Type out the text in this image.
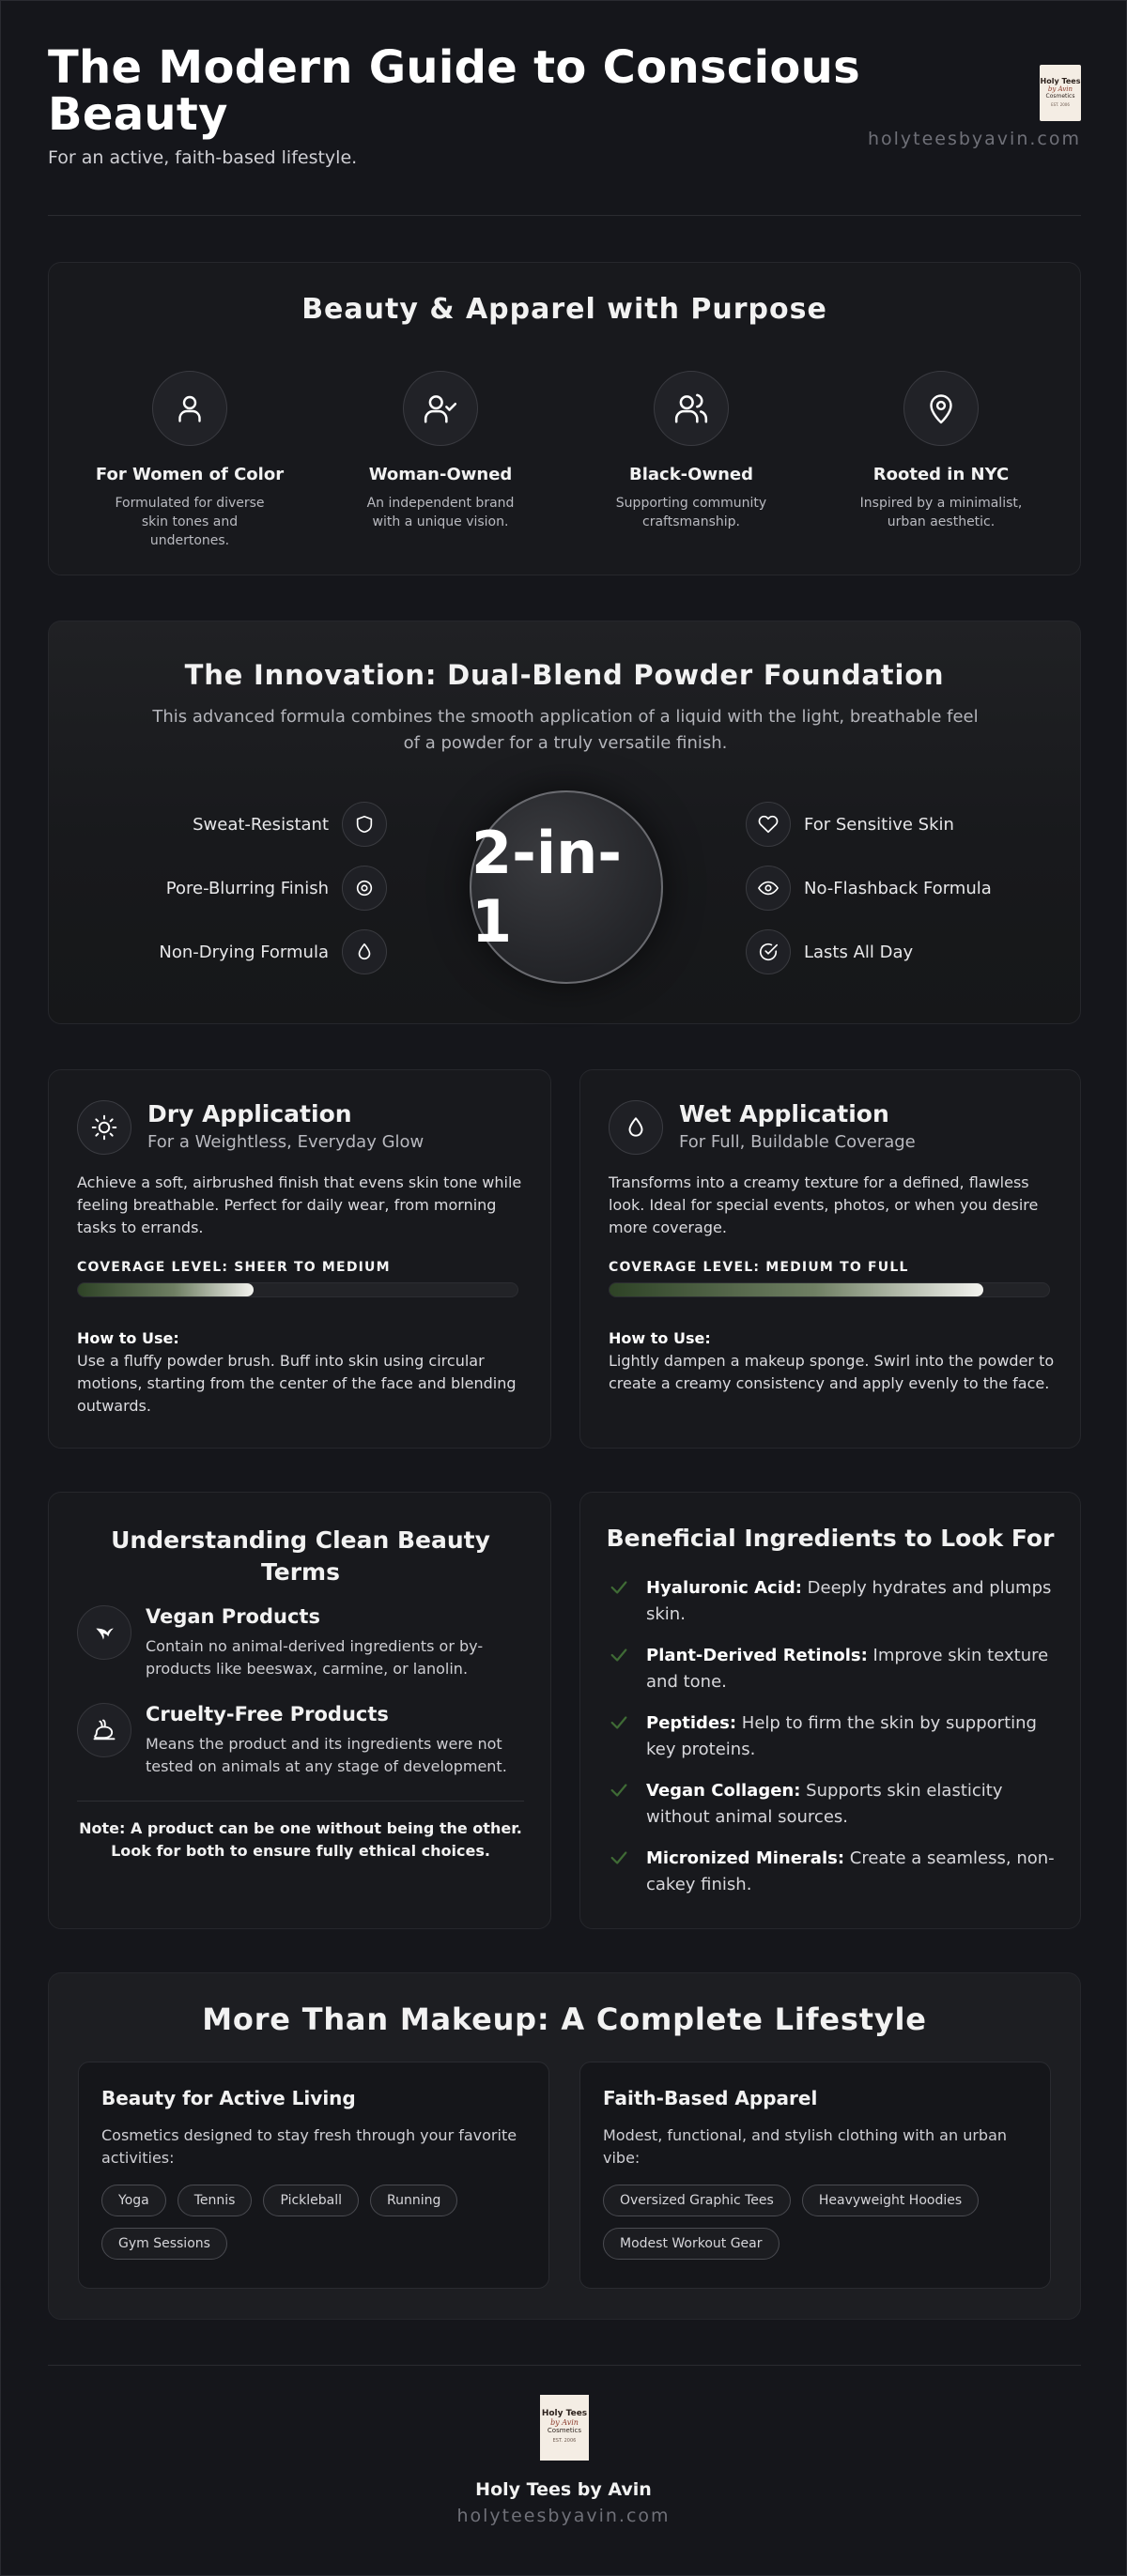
The Modern Guide to Conscious Beauty
For an active, faith-based lifestyle.
Holy Tees
by Avin
Cosmetics
EST. 2006
holyteesbyavin.com
Beauty & Apparel with Purpose
For Women of Color
Formulated for diverse skin tones and undertones.
Woman-Owned
An independent brand with a unique vision.
Black-Owned
Supporting community craftsmanship.
Rooted in NYC
Inspired by a minimalist, urban aesthetic.
The Innovation: Dual-Blend Powder Foundation
This advanced formula combines the smooth application of a liquid with the light, breathable feel of a powder for a truly versatile finish.
Sweat-Resistant
Pore-Blurring Finish
Non-Drying Formula
For Sensitive Skin
No-Flashback Formula
Lasts All Day
2-in-1
Dry Application
For a Weightless, Everyday Glow
Achieve a soft, airbrushed finish that evens skin tone while feeling breathable. Perfect for daily wear, from morning tasks to errands.
COVERAGE LEVEL: SHEER TO MEDIUM
How to Use:
Use a fluffy powder brush. Buff into skin using circular motions, starting from the center of the face and blending outwards.
Wet Application
For Full, Buildable Coverage
Transforms into a creamy texture for a defined, flawless look. Ideal for special events, photos, or when you desire more coverage.
COVERAGE LEVEL: MEDIUM TO FULL
How to Use:
Lightly dampen a makeup sponge. Swirl into the powder to create a creamy consistency and apply evenly to the face.
Understanding Clean Beauty Terms
Vegan Products
Contain no animal-derived ingredients or by-products like beeswax, carmine, or lanolin.
Cruelty-Free Products
Means the product and its ingredients were not tested on animals at any stage of development.
Note: A product can be one without being the other. Look for both to ensure fully ethical choices.
Beneficial Ingredients to Look For
Hyaluronic Acid: Deeply hydrates and plumps skin.
Plant-Derived Retinols: Improve skin texture and tone.
Peptides: Help to firm the skin by supporting key proteins.
Vegan Collagen: Supports skin elasticity without animal sources.
Micronized Minerals: Create a seamless, non-cakey finish.
More Than Makeup: A Complete Lifestyle
Beauty for Active Living
Cosmetics designed to stay fresh through your favorite activities:
Yoga	Tennis	Pickleball	Running
Gym Sessions
Faith-Based Apparel
Modest, functional, and stylish clothing with an urban vibe:
Oversized Graphic Tees	Heavyweight Hoodies
Modest Workout Gear
Holy Tees
by Avin
Cosmetics
EST. 2006
Holy Tees by Avin
holyteesbyavin.com
